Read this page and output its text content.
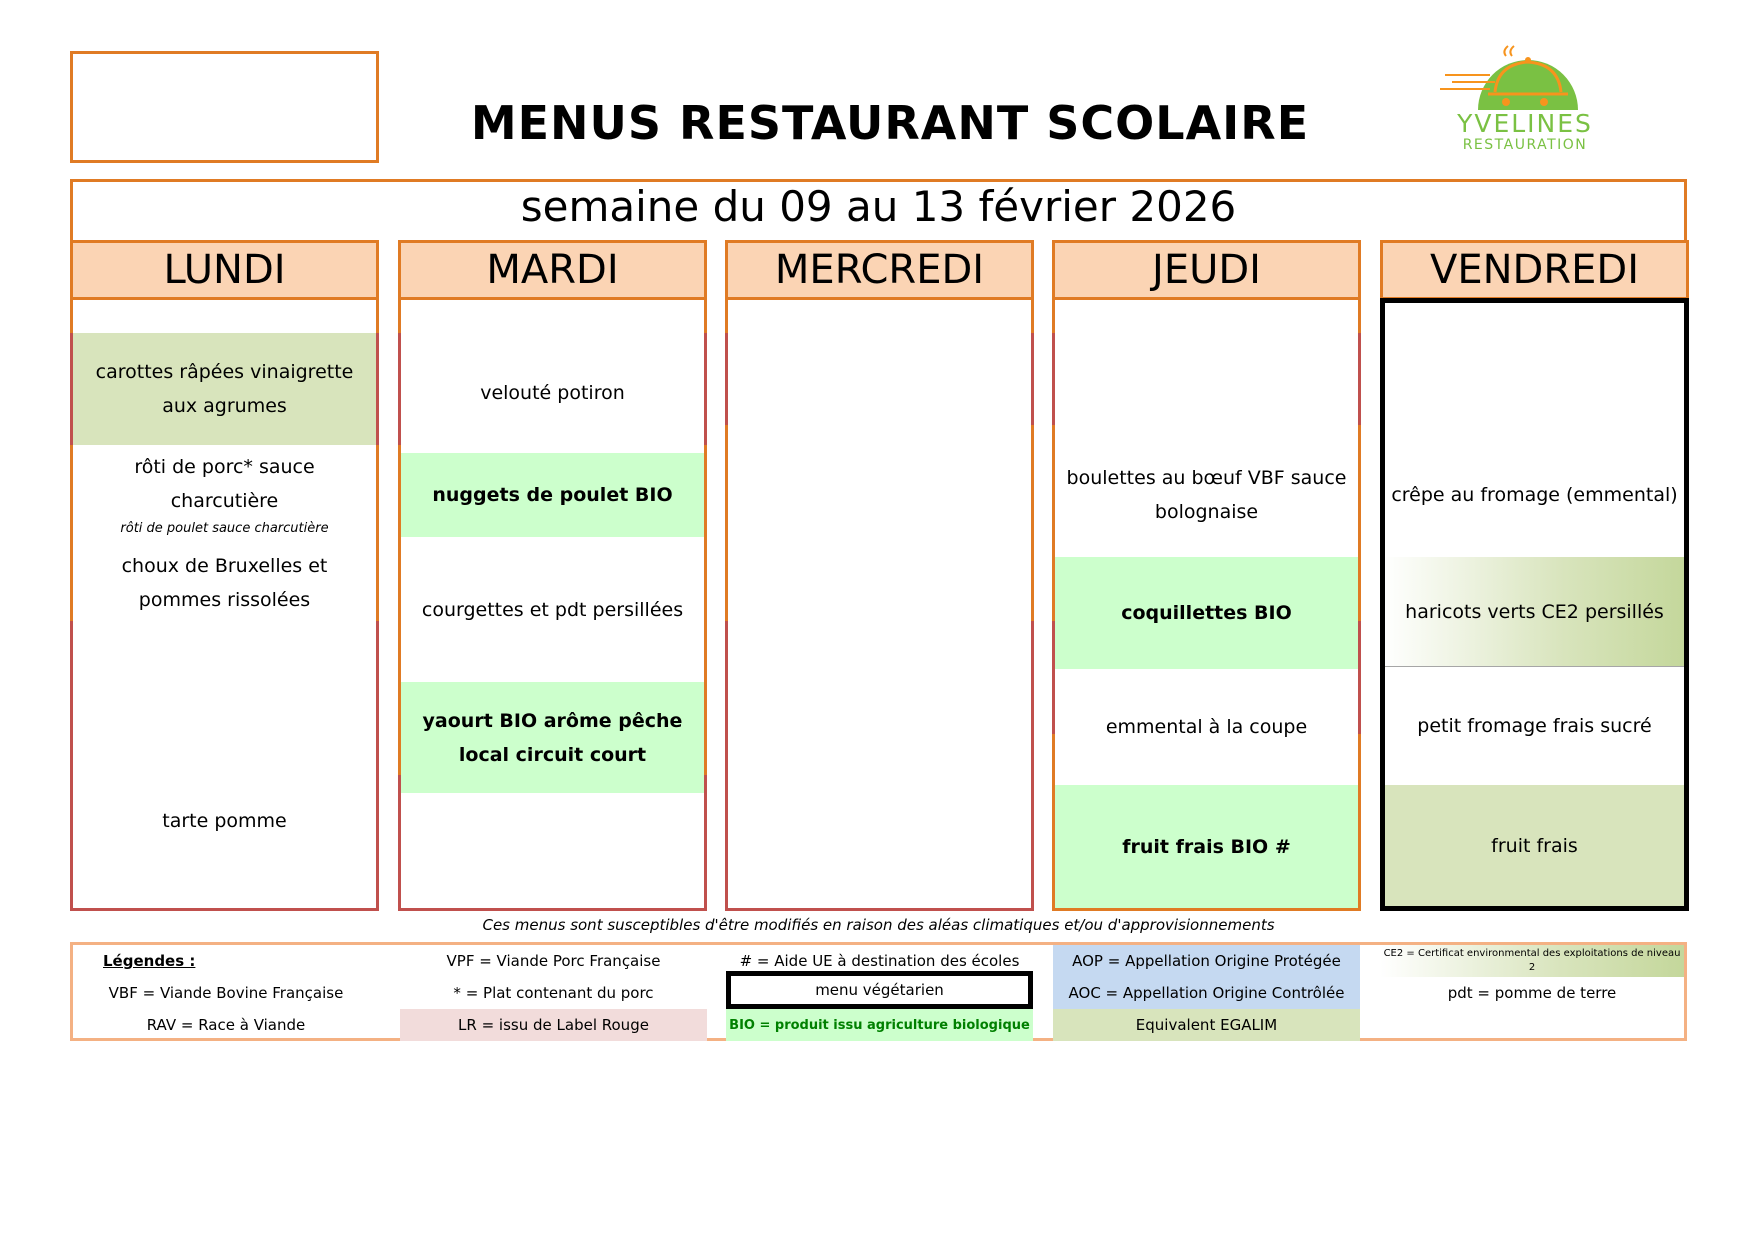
MENUS RESTAURANT SCOLAIRE	YVELINES
RESTAURATION
semaine du 09 au 13 février 2026
LUNDI
carottes râpées vinaigrette aux agrumes
rôti de porc* sauce charcutière
rôti de poulet sauce charcutière
choux de Bruxelles et pommes rissolées
tarte pomme
MARDI
velouté potiron
nuggets de poulet BIO
courgettes et pdt persillées
yaourt BIO arôme pêche local circuit court
MERCREDI	JEUDI
boulettes au bœuf VBF sauce bolognaise
coquillettes BIO
emmental à la coupe
fruit frais BIO #
VENDREDI
crêpe au fromage (emmental)
haricots verts CE2 persillés
petit fromage frais sucré
fruit frais
Ces menus sont susceptibles d'être modifiés en raison des aléas climatiques et/ou d'approvisionnements
Légendes :
VBF = Viande Bovine Française
RAV = Race à Viande
VPF = Viande Porc Française
* = Plat contenant du porc
LR = issu de Label Rouge
# = Aide UE à destination des écoles
menu végétarien
BIO = produit issu agriculture biologique
AOP = Appellation Origine Protégée
AOC = Appellation Origine Contrôlée
Equivalent EGALIM
CE2 = Certificat environmental des exploitations de niveau 2
pdt = pomme de terre
